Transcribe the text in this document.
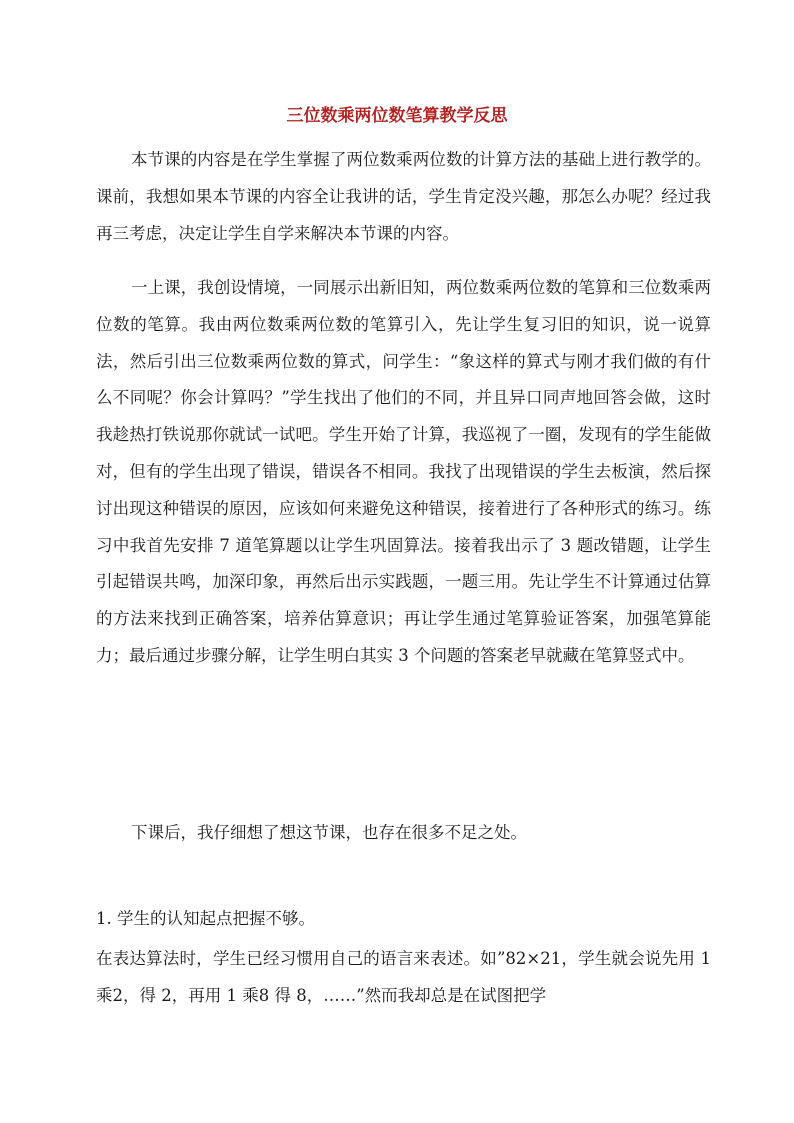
三位数乘两位数笔算教学反思

本节课的内容是在学生掌握了两位数乘两位数的计算方法的基础上进行教学的。课前，我想如果本节课的内容全让我讲的话，学生肯定没兴趣，那怎么办呢？经过我再三考虑，决定让学生自学来解决本节课的内容。

一上课，我创设情境，一同展示出新旧知，两位数乘两位数的笔算和三位数乘两位数的笔算。我由两位数乘两位数的笔算引入，先让学生复习旧的知识，说一说算法，然后引出三位数乘两位数的算式，问学生：“象这样的算式与刚才我们做的有什么不同呢？你会计算吗？”学生找出了他们的不同，并且异口同声地回答会做，这时我趁热打铁说那你就试一试吧。学生开始了计算，我巡视了一圈，发现有的学生能做对，但有的学生出现了错误，错误各不相同。我找了出现错误的学生去板演，然后探讨出现这种错误的原因，应该如何来避免这种错误，接着进行了各种形式的练习。练习中我首先安排 7 道笔算题以让学生巩固算法。接着我出示了 3 题改错题，让学生引起错误共鸣，加深印象，再然后出示实践题，一题三用。先让学生不计算通过估算的方法来找到正确答案，培养估算意识；再让学生通过笔算验证答案，加强笔算能力；最后通过步骤分解，让学生明白其实 3 个问题的答案老早就藏在笔算竖式中。

下课后，我仔细想了想这节课，也存在很多不足之处。

1. 学生的认知起点把握不够。

在表达算法时，学生已经习惯用自己的语言来表述。如”82×21，学生就会说先用 1 乘2，得 2，再用 1 乘8 得 8，……”然而我却总是在试图把学
